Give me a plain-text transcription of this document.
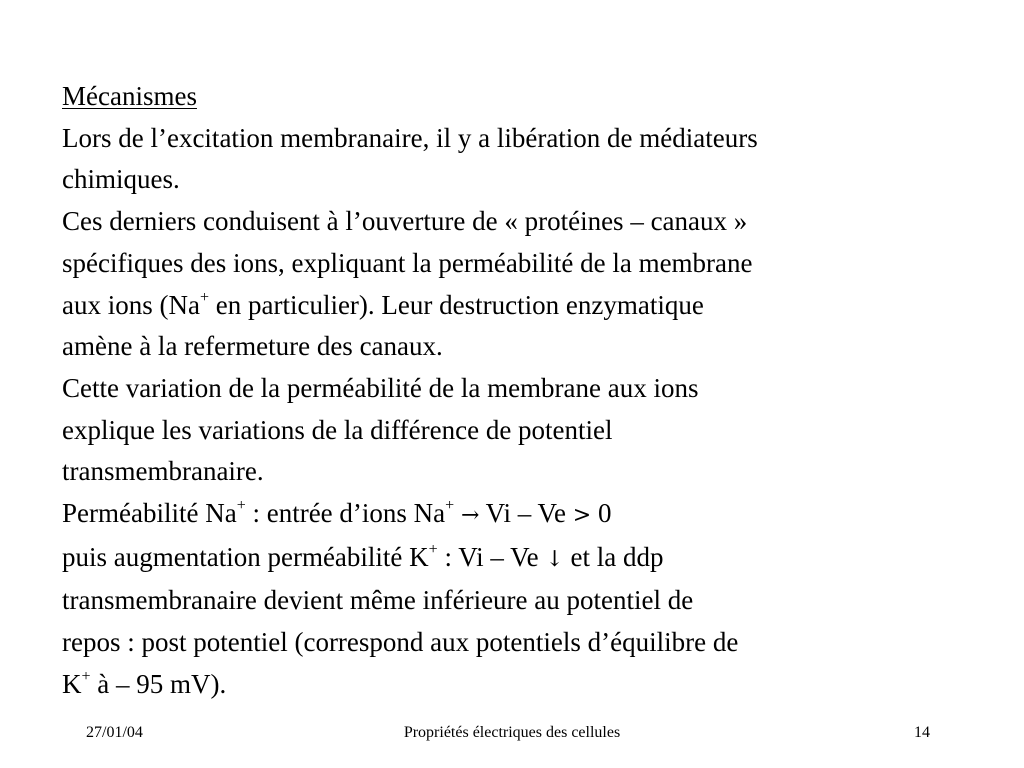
Mécanismes
Lors de l’excitation membranaire, il y a libération de médiateurs
chimiques.
Ces derniers conduisent à l’ouverture de « protéines – canaux »
spécifiques des ions, expliquant la perméabilité de la membrane
aux ions (Na+ en particulier). Leur destruction enzymatique
amène à la refermeture des canaux.
Cette variation de la perméabilité de la membrane aux ions
explique les variations de la différence de potentiel
transmembranaire.
Perméabilité Na+ : entrée d’ions Na+ → Vi – Ve > 0
puis augmentation perméabilité K+ : Vi – Ve ↓ et la ddp
transmembranaire devient même inférieure au potentiel de
repos : post potentiel (correspond aux potentiels d’équilibre de
K+ à – 95 mV).
27/01/04	Propriétés électriques des cellules	14
